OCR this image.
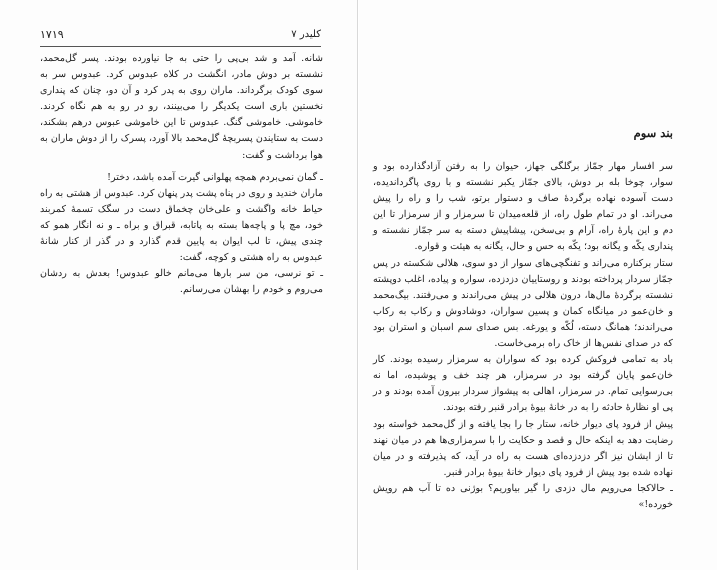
۱۷۱۹	کلیدر ۷

شانه. آمد و شد بی‌پی را حتی به جا نیاورده بودند. پسر گل‌محمد، نشسته بر دوش مادر، انگشت در کلاه عبدوس کرد. عبدوس سر به سوی کودک برگرداند. ماران روی به پدر کرد و آن دو، چنان که پنداری نخستین باری است یکدیگر را می‌بینند، رو در رو به هم نگاه کردند. خاموشی. خاموشی گنگ. عبدوس تا این خاموشی عبوس درهم بشکند، دست به ستایندن پسربچهٔ گل‌محمد بالا آورد، پسرک را از دوش ماران به هوا برداشت و گفت:

ـ گمان نمی‌بردم همچه پهلوانی گیرت آمده باشد، دختر!

ماران خندید و روی در پناه پشت پدر پنهان کرد. عبدوس از هشتی به راه حیاط خانه واگشت و علی‌خان چخماق دست در سگک تسمهٔ کمربند خود، مچ پا و پاچه‌ها بسته به پاتابه، قبراق و براه ـ و نه انگار همو که چندی پیش، تا لب ایوان به پایین قدم گذارد و در گذر از کنار شانهٔ عبدوس به راه هشتی و کوچه، گفت:

ـ تو نرسی، من سر بارها می‌مانم خالو عبدوس! بعدش به ردشان می‌روم و خودم را بهشان می‌رسانم.

بند سوم

سر افسار مهار جمّاز برگلگی جهاز، حیوان را به رفتن آزادگذارده بود و سوار، چوخا بله بر دوش، بالای جمّاز یکبر نشسته و با روی پاگرداندیده، دست آسوده نهاده برگردهٔ صاف و دستوار برتو، شب را و راه را پیش می‌راند. او در تمام طول راه، از قلعه‌میدان تا سرمزار و از سرمزار تا این دم و این پارهٔ راه، آرام و بی‌سخن، پیشاپیش دسته به سر جمّاز نشسته و پنداری یکّه و یگانه بود؛ یکّه به حس و حال، یگانه به هیئت و قواره.

ستار برکناره می‌راند و تفنگچی‌های سوار از دو سوی، هلالی شکسته در پس جمّاز سردار پرداخته بودند و روستاییان دزدزده، سواره و پیاده، اغلب دوپشته نشسته برگردهٔ مال‌ها، درون هلالی در پیش می‌راندند و می‌رفتند. بیگ‌محمد و خان‌عمو در میانگاه کمان و پسین سواران، دوشادوش و رکاب به رکاب می‌راندند؛ همانگ دسته، لُکّه و یورغه. بس صدای سم اسبان و استران بود که در صدای نفس‌ها از خاک راه برمی‌خاست.

باد به تمامی فروکش کرده بود که سواران به سرمزار رسیده بودند. کار خان‌عمو پایان گرفته بود در سرمزار، هر چند خف و پوشیده، اما نه بی‌رسوایی تمام. در سرمزار، اهالی به پیشواز سردار بیرون آمده بودند و در پی او نظارهٔ حادثه را به در خانهٔ بیوهٔ برادر قنبر رفته بودند.

پیش از فرود پای دیوار خانه، ستار جا را بجا یافته و از گل‌محمد خواسته بود رضایت دهد به اینکه حال و قصد و حکایت را با سرمزاری‌ها هم در میان نهند تا از ایشان نیز اگر دزدزده‌ای هست به راه در آید، که پذیرفته و در میان نهاده شده بود پیش از فرود پای دیوار خانهٔ بیوهٔ برادر قنبر.

ـ حالاکجا می‌رویم مال دزدی را گیر بیاوریم؟ بوژنی ده تا آب هم رویش خورده!»
